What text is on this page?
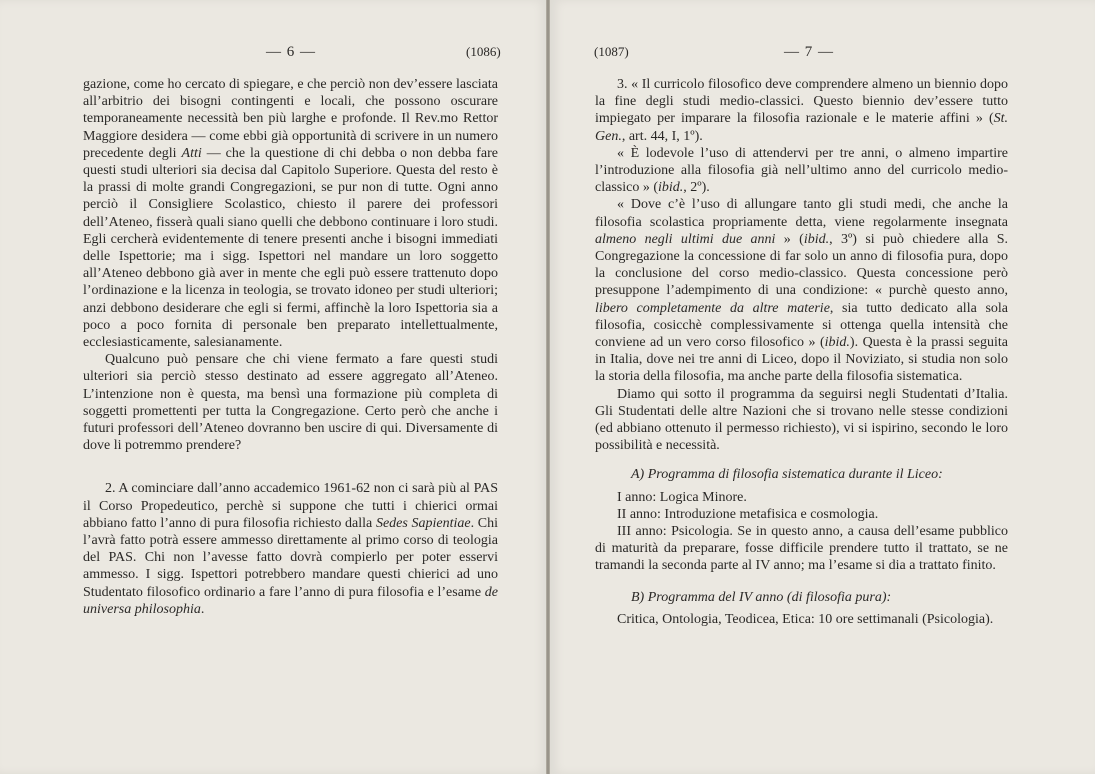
— 6 —	(1086)

gazione, come ho cercato di spiegare, e che perciò non dev’essere lasciata all’arbitrio dei bisogni contingenti e locali, che possono oscurare temporaneamente necessità ben più larghe e profonde. Il Rev.mo Rettor Maggiore desidera — come ebbi già opportunità di scrivere in un numero precedente degli Atti — che la questione di chi debba o non debba fare questi studi ulteriori sia decisa dal Capitolo Superiore. Questa del resto è la prassi di molte grandi Congregazioni, se pur non di tutte. Ogni anno perciò il Consigliere Scolastico, chiesto il parere dei professori dell’Ateneo, fisserà quali siano quelli che debbono continuare i loro studi. Egli cercherà evidentemente di tenere presenti anche i bisogni immediati delle Ispettorie; ma i sigg. Ispettori nel mandare un loro soggetto all’Ateneo debbono già aver in mente che egli può essere trattenuto dopo l’ordinazione e la licenza in teologia, se trovato idoneo per studi ulteriori; anzi debbono desiderare che egli si fermi, affinchè la loro Ispettoria sia a poco a poco fornita di personale ben preparato intellettualmente, ecclesiasticamente, salesianamente.

Qualcuno può pensare che chi viene fermato a fare questi studi ulteriori sia perciò stesso destinato ad essere aggregato all’Ateneo. L’intenzione non è questa, ma bensì una formazione più completa di soggetti promettenti per tutta la Congregazione. Certo però che anche i futuri professori dell’Ateneo dovranno ben uscire di qui. Diversamente di dove li potremmo prendere?

2. A cominciare dall’anno accademico 1961-62 non ci sarà più al PAS il Corso Propedeutico, perchè si suppone che tutti i chierici ormai abbiano fatto l’anno di pura filosofia richiesto dalla Sedes Sapientiae. Chi l’avrà fatto potrà essere ammesso direttamente al primo corso di teologia del PAS. Chi non l’avesse fatto dovrà compierlo per poter esservi ammesso. I sigg. Ispettori potrebbero mandare questi chierici ad uno Studentato filosofico ordinario a fare l’anno di pura filosofia e l’esame de universa philosophia.

(1087)	— 7 —

3. « Il curricolo filosofico deve comprendere almeno un biennio dopo la fine degli studi medio-classici. Questo biennio dev’essere tutto impiegato per imparare la filosofia razionale e le materie affini » (St. Gen., art. 44, I, 1º).

« È lodevole l’uso di attendervi per tre anni, o almeno impartire l’introduzione alla filosofia già nell’ultimo anno del curricolo medio-classico » (ibid., 2º).

« Dove c’è l’uso di allungare tanto gli studi medi, che anche la filosofia scolastica propriamente detta, viene regolarmente insegnata almeno negli ultimi due anni » (ibid., 3º) si può chiedere alla S. Congregazione la concessione di far solo un anno di filosofia pura, dopo la conclusione del corso medio-classico. Questa concessione però presuppone l’adempimento di una condizione: « purchè questo anno, libero completamente da altre materie, sia tutto dedicato alla sola filosofia, cosicchè complessivamente si ottenga quella intensità che conviene ad un vero corso filosofico » (ibid.). Questa è la prassi seguita in Italia, dove nei tre anni di Liceo, dopo il Noviziato, si studia non solo la storia della filosofia, ma anche parte della filosofia sistematica.

Diamo qui sotto il programma da seguirsi negli Studentati d’Italia. Gli Studentati delle altre Nazioni che si trovano nelle stesse condizioni (ed abbiano ottenuto il permesso richiesto), vi si ispirino, secondo le loro possibilità e necessità.

A) Programma di filosofia sistematica durante il Liceo:

I anno: Logica Minore.

II anno: Introduzione metafisica e cosmologia.

III anno: Psicologia. Se in questo anno, a causa dell’esame pubblico di maturità da preparare, fosse difficile prendere tutto il trattato, se ne tramandi la seconda parte al IV anno; ma l’esame si dia a trattato finito.

B) Programma del IV anno (di filosofia pura):

Critica, Ontologia, Teodicea, Etica: 10 ore settimanali (Psicologia).
